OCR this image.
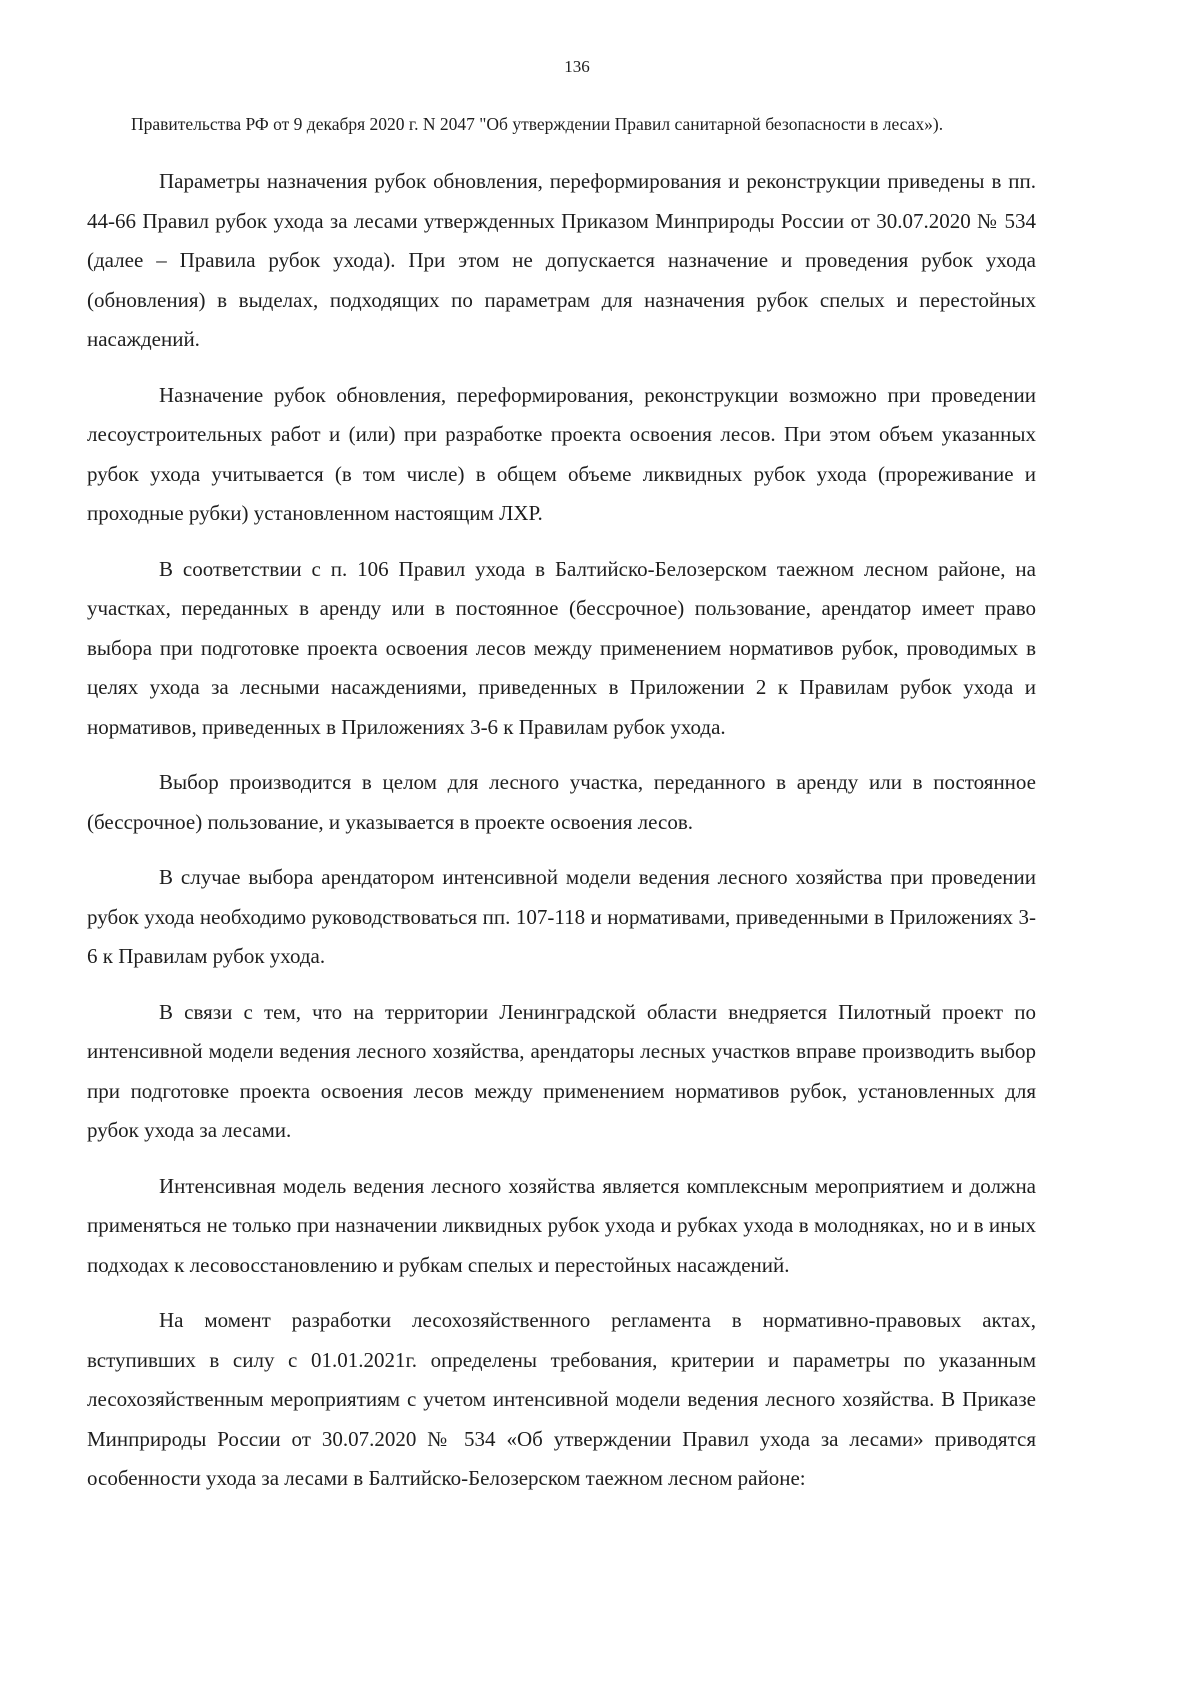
136
Правительства РФ от 9 декабря 2020 г. N 2047 "Об утверждении Правил санитарной безопасности в лесах»).

Параметры назначения рубок обновления, переформирования и реконструкции приведены в пп. 44-66 Правил рубок ухода за лесами утвержденных Приказом Минприроды России от 30.07.2020 № 534 (далее – Правила рубок ухода). При этом не допускается назначение и проведения рубок ухода (обновления) в выделах, подходящих по параметрам для назначения рубок спелых и перестойных насаждений.

Назначение рубок обновления, переформирования, реконструкции возможно при проведении лесоустроительных работ и (или) при разработке проекта освоения лесов. При этом объем указанных рубок ухода учитывается (в том числе) в общем объеме ликвидных рубок ухода (прореживание и проходные рубки) установленном настоящим ЛХР.

В соответствии с п. 106 Правил ухода в Балтийско-Белозерском таежном лесном районе, на участках, переданных в аренду или в постоянное (бессрочное) пользование, арендатор имеет право выбора при подготовке проекта освоения лесов между применением нормативов рубок, проводимых в целях ухода за лесными насаждениями, приведенных в Приложении 2 к Правилам рубок ухода и нормативов, приведенных в Приложениях 3-6 к Правилам рубок ухода.

Выбор производится в целом для лесного участка, переданного в аренду или в постоянное (бессрочное) пользование, и указывается в проекте освоения лесов.

В случае выбора арендатором интенсивной модели ведения лесного хозяйства при проведении рубок ухода необходимо руководствоваться пп. 107-118 и нормативами, приведенными в Приложениях 3-6 к Правилам рубок ухода.

В связи с тем, что на территории Ленинградской области внедряется Пилотный проект по интенсивной модели ведения лесного хозяйства, арендаторы лесных участков вправе производить выбор при подготовке проекта освоения лесов между применением нормативов рубок, установленных для рубок ухода за лесами.

Интенсивная модель ведения лесного хозяйства является комплексным мероприятием и должна применяться не только при назначении ликвидных рубок ухода и рубках ухода в молодняках, но и в иных подходах к лесовосстановлению и рубкам спелых и перестойных насаждений.

На момент разработки лесохозяйственного регламента в нормативно-правовых актах, вступивших в силу с 01.01.2021г. определены требования, критерии и параметры по указанным лесохозяйственным мероприятиям с учетом интенсивной модели ведения лесного хозяйства. В Приказе Минприроды России от 30.07.2020 № 534 «Об утверждении Правил ухода за лесами» приводятся особенности ухода за лесами в Балтийско-Белозерском таежном лесном районе:
